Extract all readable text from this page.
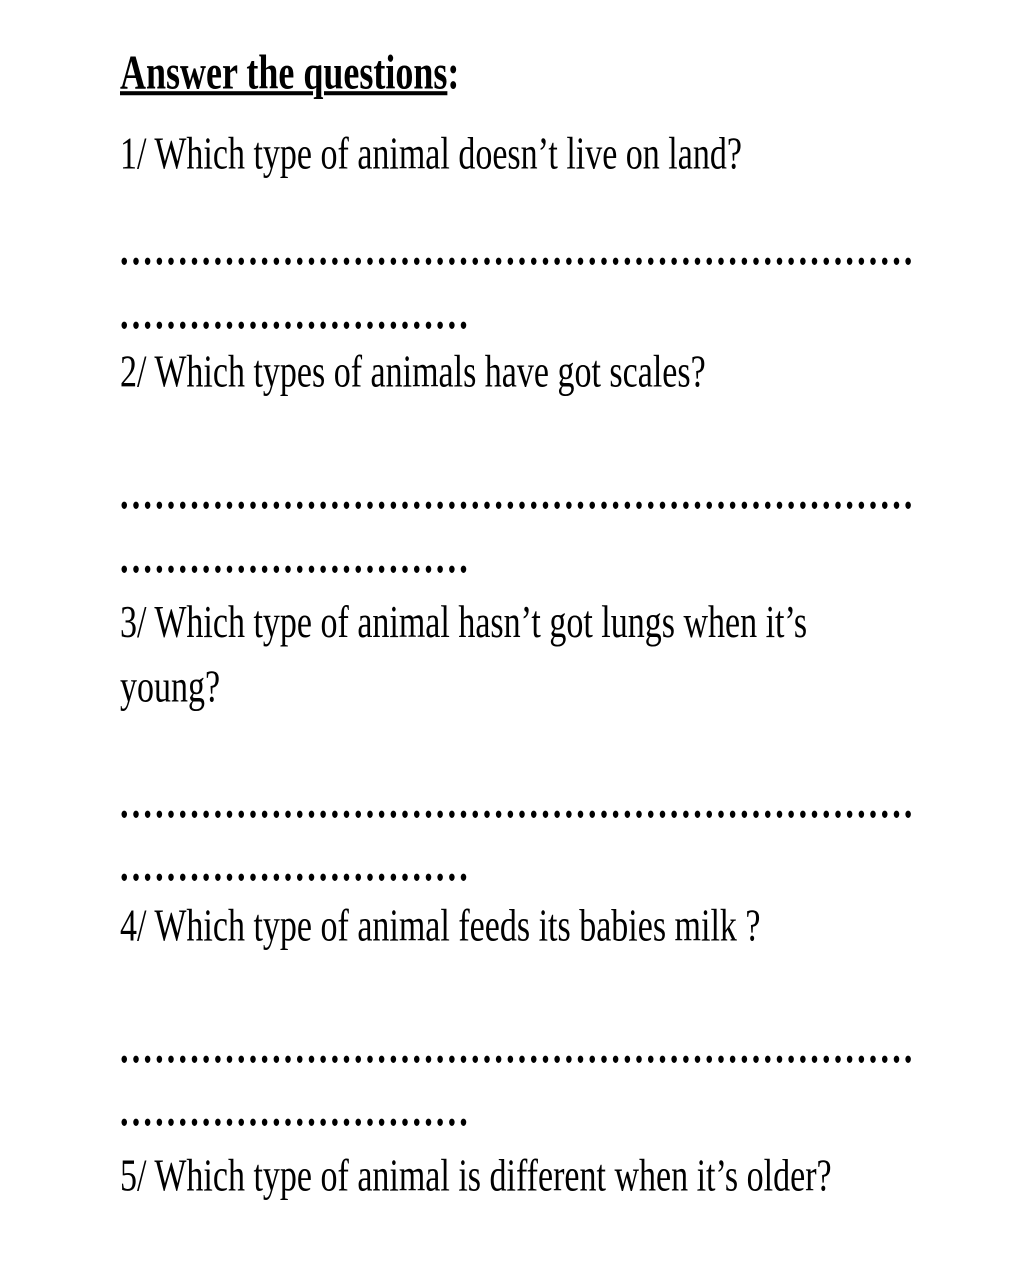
Answer the questions:

1/ Which type of animal doesn’t live on land?

....................................................................

..............................

2/ Which types of animals have got scales?

....................................................................

..............................

3/ Which type of animal hasn’t got lungs when it’s young?

....................................................................

..............................

4/ Which type of animal feeds its babies milk ?

....................................................................

..............................

5/ Which type of animal is different when it’s older?
